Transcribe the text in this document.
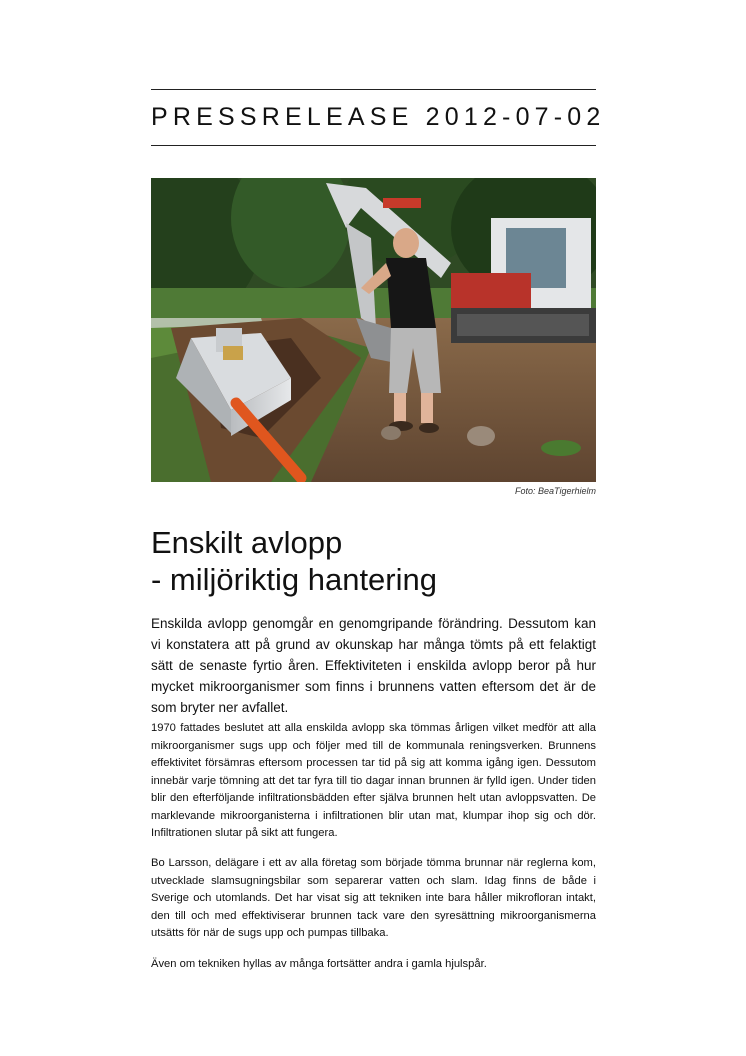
PRESSRELEASE 2012-07-02
Foto: BeaTigerhielm
Enskilt avlopp
- miljöriktig hantering

Enskilda avlopp genomgår en genomgripande förändring. Dessutom kan vi konstatera att på grund av okunskap har många tömts på ett felaktigt sätt de senaste fyrtio åren. Effektiviteten i enskilda avlopp beror på hur mycket mikroorganismer som finns i brunnens vatten eftersom det är de som bryter ner avfallet.

1970 fattades beslutet att alla enskilda avlopp ska tömmas årligen vilket medför att alla mikroorganismer sugs upp och följer med till de kommunala reningsverken. Brunnens effektivitet försämras eftersom processen tar tid på sig att komma igång igen. Dessutom innebär varje tömning att det tar fyra till tio dagar innan brunnen är fylld igen. Under tiden blir den efterföljande infiltrationsbädden efter själva brunnen helt utan avloppsvatten. De marklevande mikroorganisterna i infiltrationen blir utan mat, klumpar ihop sig och dör. Infiltrationen slutar på sikt att fungera.

Bo Larsson, delägare i ett av alla företag som började tömma brunnar när reglerna kom, utvecklade slamsugningsbilar som separerar vatten och slam. Idag finns de både i Sverige och utomlands. Det har visat sig att tekniken inte bara håller mikrofloran intakt, den till och med effektiviserar brunnen tack vare den syresättning mikroorganismerna utsätts för när de sugs upp och pumpas tillbaka.

Även om tekniken hyllas av många fortsätter andra i gamla hjulspår.
